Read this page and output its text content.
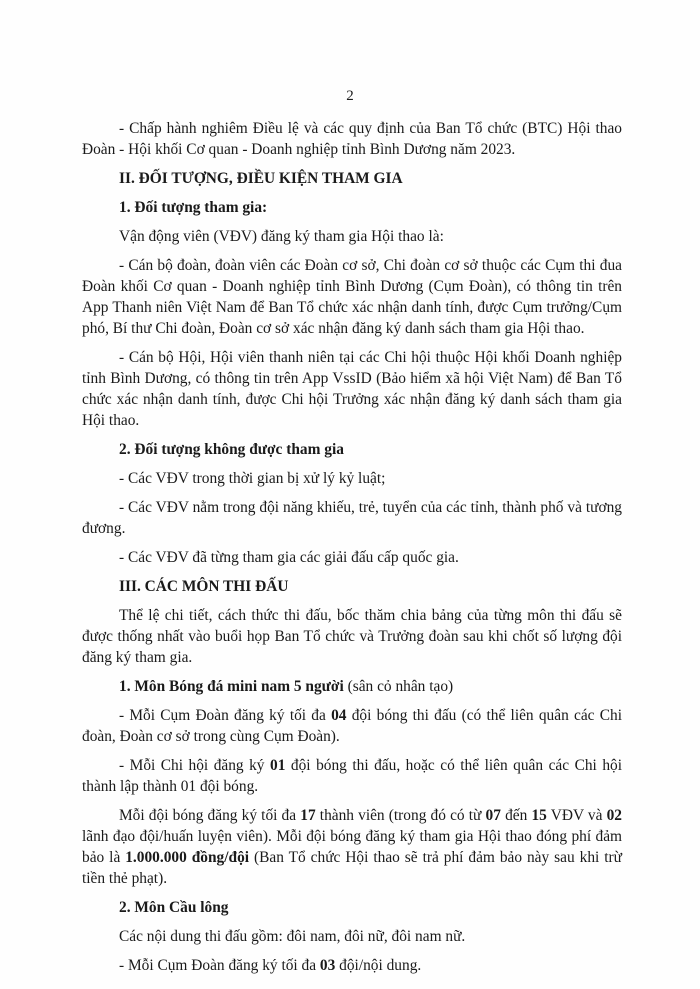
2

- Chấp hành nghiêm Điều lệ và các quy định của Ban Tổ chức (BTC) Hội thao Đoàn - Hội khối Cơ quan - Doanh nghiệp tỉnh Bình Dương năm 2023.

II. ĐỐI TƯỢNG, ĐIỀU KIỆN THAM GIA

1. Đối tượng tham gia:

Vận động viên (VĐV) đăng ký tham gia Hội thao là:

- Cán bộ đoàn, đoàn viên các Đoàn cơ sở, Chi đoàn cơ sở thuộc các Cụm thi đua Đoàn khối Cơ quan - Doanh nghiệp tỉnh Bình Dương (Cụm Đoàn), có thông tin trên App Thanh niên Việt Nam để Ban Tổ chức xác nhận danh tính, được Cụm trưởng/Cụm phó, Bí thư Chi đoàn, Đoàn cơ sở xác nhận đăng ký danh sách tham gia Hội thao.

- Cán bộ Hội, Hội viên thanh niên tại các Chi hội thuộc Hội khối Doanh nghiệp tỉnh Bình Dương, có thông tin trên App VssID (Bảo hiểm xã hội Việt Nam) để Ban Tổ chức xác nhận danh tính, được Chi hội Trưởng xác nhận đăng ký danh sách tham gia Hội thao.

2. Đối tượng không được tham gia

- Các VĐV trong thời gian bị xử lý kỷ luật;

- Các VĐV nằm trong đội năng khiếu, trẻ, tuyển của các tỉnh, thành phố và tương đương.

- Các VĐV đã từng tham gia các giải đấu cấp quốc gia.

III. CÁC MÔN THI ĐẤU

Thể lệ chi tiết, cách thức thi đấu, bốc thăm chia bảng của từng môn thi đấu sẽ được thống nhất vào buổi họp Ban Tổ chức và Trưởng đoàn sau khi chốt số lượng đội đăng ký tham gia.

1. Môn Bóng đá mini nam 5 người (sân cỏ nhân tạo)

- Mỗi Cụm Đoàn đăng ký tối đa 04 đội bóng thi đấu (có thể liên quân các Chi đoàn, Đoàn cơ sở trong cùng Cụm Đoàn).

- Mỗi Chi hội đăng ký 01 đội bóng thi đấu, hoặc có thể liên quân các Chi hội thành lập thành 01 đội bóng.

Mỗi đội bóng đăng ký tối đa 17 thành viên (trong đó có từ 07 đến 15 VĐV và 02 lãnh đạo đội/huấn luyện viên). Mỗi đội bóng đăng ký tham gia Hội thao đóng phí đảm bảo là 1.000.000 đồng/đội (Ban Tổ chức Hội thao sẽ trả phí đảm bảo này sau khi trừ tiền thẻ phạt).

2. Môn Cầu lông

Các nội dung thi đấu gồm: đôi nam, đôi nữ, đôi nam nữ.

- Mỗi Cụm Đoàn đăng ký tối đa 03 đội/nội dung.
